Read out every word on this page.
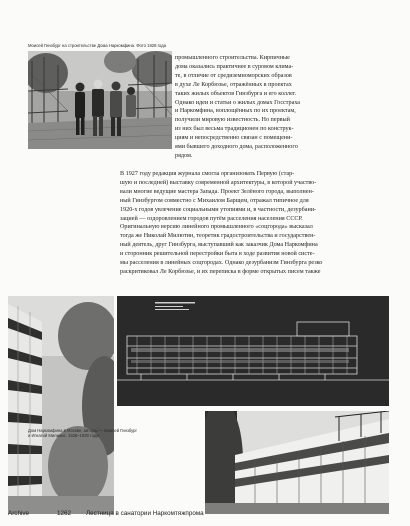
Моисей Гинзбург на строительстве Дома Наркомфина. Фото 1928 года
промышленного строительства. Кирпичные
дома оказались практичнее в суровом клима-
те, в отличие от средиземноморских образов
в духе Ле Корбюзье, отражённых в проектах
таких жилых объектов Гинзбурга и его коллег.
Однако идеи и статьи о жилых домах Госстраха
и Наркомфина, воплощённых по их проектам,
получили мировую известность. Но первый
из них был весьма традиционен по конструк-
циям и непосредственно связан с помещени-
ями бывшего доходного дома, расположенного
рядом.
В 1927 году редакция журнала смогла организовать Первую (стар-
шую и последней) выставку современной архитектуры, в которой участво-
вали многие ведущие мастера Запада. Проект Зелёного города, выполнен-
ный Гинзбургом совместно с Михаилом Барщем, отражал типичное для
1920-х годов увлечение социальными утопиями и, в частности, дезурбани-
зацией — оздоровлением городов путём расселения населения СССР.
Оригинальную версию линейного промышленного «соцгорода» высказал
тогда же Николай Милютин, теоретик градостроительства и государствен-
ный деятель, друг Гинзбурга, выступавший как заказчик Дома Наркомфина
и сторонник решительной перестройки быта в ходе развития новой систе-
мы расселения в линейных соцгородах. Однако дезурбанизм Гинзбурга резко
раскритиковал Ле Корбюзье, и их переписка в форме открытых писем также
Дом Наркомфина в Москве, авторы — Моисей Гинзбург
и Игнатий Милинис. 1928–1930 годы
Archive	1262 Лестница в санатории Наркомтяжпрома
